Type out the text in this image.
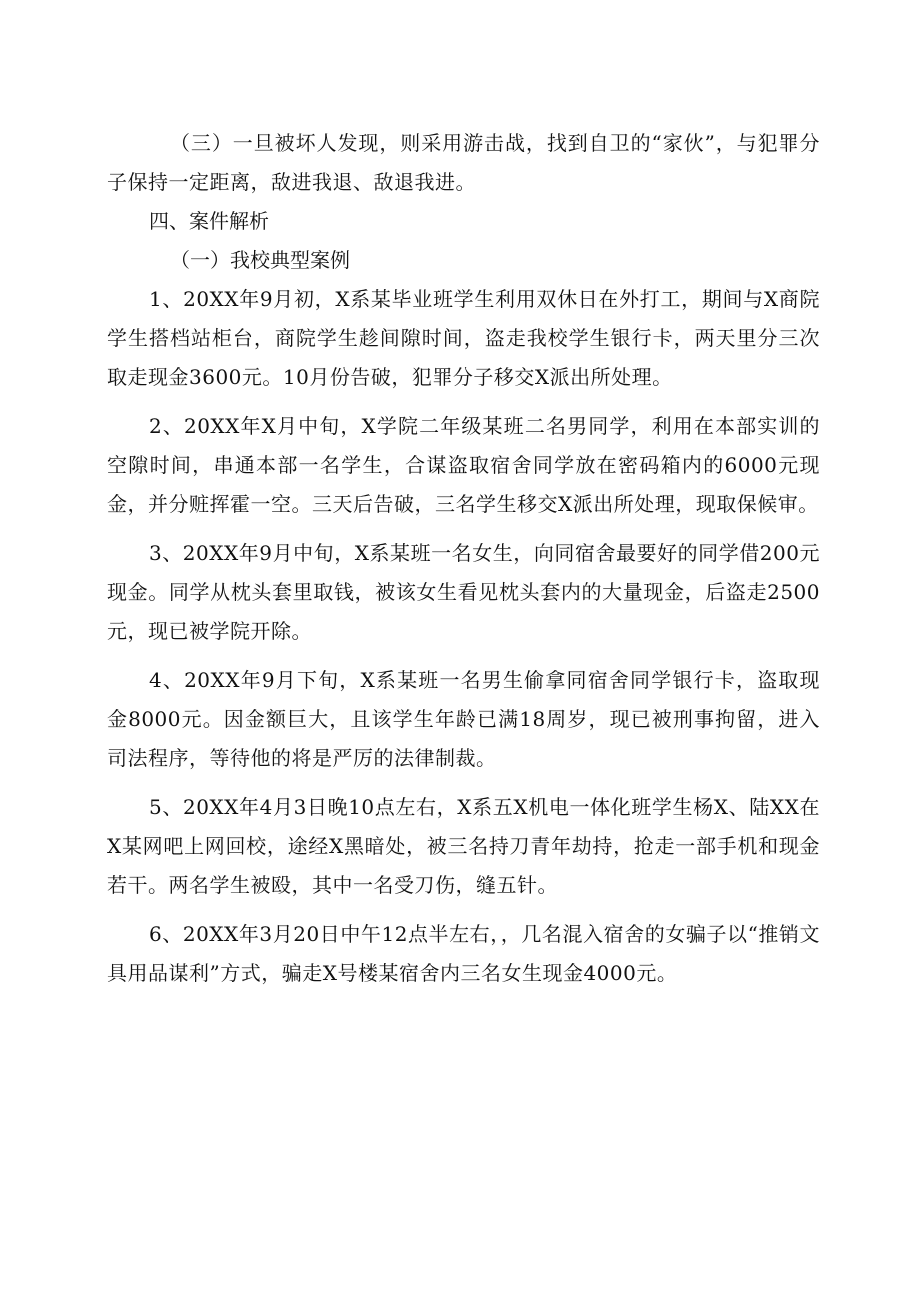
（三）一旦被坏人发现，则采用游击战，找到自卫的“家伙”，与犯罪分子保持一定距离，敌进我退、敌退我进。

四、案件解析

（一）我校典型案例

1、20XX年9月初，X系某毕业班学生利用双休日在外打工，期间与X商院学生搭档站柜台，商院学生趁间隙时间，盗走我校学生银行卡，两天里分三次取走现金3600元。10月份告破，犯罪分子移交X派出所处理。

2、20XX年X月中旬，X学院二年级某班二名男同学，利用在本部实训的空隙时间，串通本部一名学生，合谋盗取宿舍同学放在密码箱内的6000元现金，并分赃挥霍一空。三天后告破，三名学生移交X派出所处理，现取保候审。

3、20XX年9月中旬，X系某班一名女生，向同宿舍最要好的同学借200元现金。同学从枕头套里取钱，被该女生看见枕头套内的大量现金，后盗走2500元，现已被学院开除。

4、20XX年9月下旬，X系某班一名男生偷拿同宿舍同学银行卡，盗取现金8000元。因金额巨大，且该学生年龄已满18周岁，现已被刑事拘留，进入司法程序，等待他的将是严厉的法律制裁。

5、20XX年4月3日晚10点左右，X系五X机电一体化班学生杨X、陆XX在X某网吧上网回校，途经X黑暗处，被三名持刀青年劫持，抢走一部手机和现金若干。两名学生被殴，其中一名受刀伤，缝五针。

6、20XX年3月20日中午12点半左右，，几名混入宿舍的女骗子以“推销文具用品谋利”方式，骗走X号楼某宿舍内三名女生现金4000元。
